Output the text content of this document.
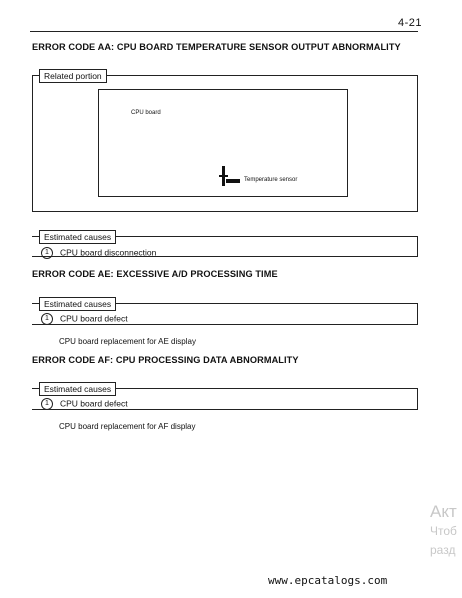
4-21
ERROR CODE AA: CPU BOARD TEMPERATURE SENSOR OUTPUT ABNORMALITY
Related portion
CPU board
Temperature sensor
Estimated causes
1 CPU board disconnection
ERROR CODE AE: EXCESSIVE A/D PROCESSING TIME
Estimated causes
1 CPU board defect
CPU board replacement for AE display
ERROR CODE AF: CPU PROCESSING DATA ABNORMALITY
Estimated causes
1 CPU board defect
CPU board replacement for AF display
Акт
Чтоб
разд
www.epcatalogs.com
